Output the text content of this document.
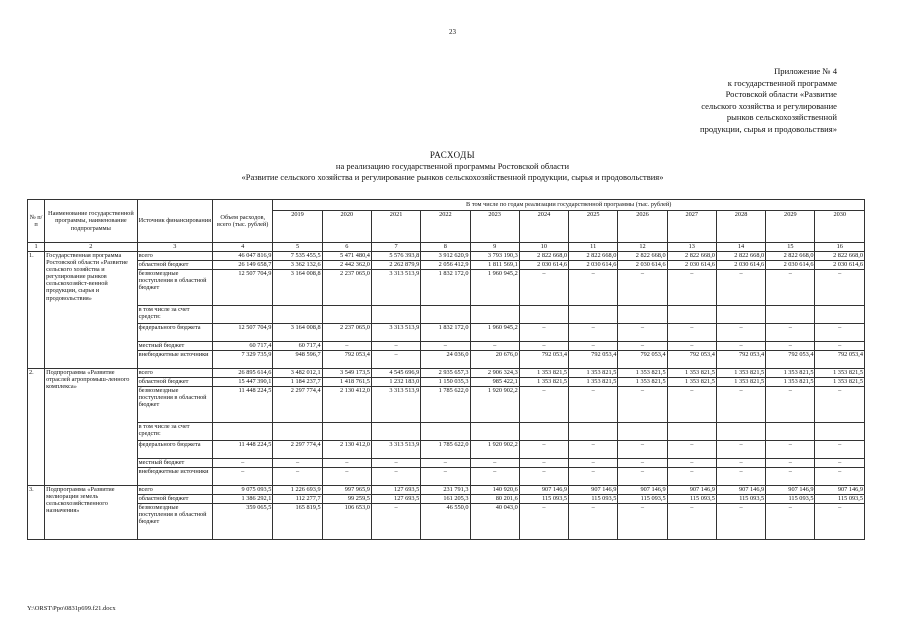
23
Приложение № 4
к государственной программе
Ростовской области «Развитие
сельского хозяйства и регулирование
рынков сельскохозяйственной
продукции, сырья и продовольствия»
РАСХОДЫ
на реализацию государственной программы Ростовской области
«Развитие сельского хозяйства и регулирование рынков сельскохозяйственной продукции, сырья и продовольствия»
№ п/п	Наименование государственной программы, наименование подпрограммы	Источник финансирования	Объем расходов, всего (тыс. рублей)	В том числе по годам реализации государственной программы (тыс. рублей)											
				2019	2020	2021	2022	2023	2024	2025	2026	2027	2028	2029	2030
1	2	3	4	5	6	7	8	9	10	11	12	13	14	15	16
1.	Государственная программа Ростовской области «Развитие сельского хозяйства и регулирование рынков сельскохозяйст-венной продукции, сырья и продовольствия»	всего	46 047 816,9	7 535 455,5	5 471 480,4	5 576 393,8	3 912 620,9	3 793 190,3	2 822 668,0	2 822 668,0	2 822 668,0	2 822 668,0	2 822 668,0	2 822 668,0	2 822 668,0
		областной бюджет	26 149 658,7	3 362 132,6	2 442 362,0	2 262 879,9	2 056 412,9	1 811 569,1	2 030 614,6	2 030 614,6	2 030 614,6	2 030 614,6	2 030 614,6	2 030 614,6	2 030 614,6
		безвозмездные поступления в областной бюджет	12 507 704,9	3 164 008,8	2 237 065,0	3 313 513,9	1 832 172,0	1 960 945,2	–	–	–	–	–	–	–
		в том числе за счет средств:													
		федерального бюджета	12 507 704,9	3 164 008,8	2 237 065,0	3 313 513,9	1 832 172,0	1 960 945,2	–	–	–	–	–	–	–
		местный бюджет	60 717,4	60 717,4	–	–	–	–	–	–	–	–	–	–	–
		внебюджетные источники	7 329 735,9	948 596,7	792 053,4	–	24 036,0	20 676,0	792 053,4	792 053,4	792 053,4	792 053,4	792 053,4	792 053,4	792 053,4
2.	Подпрограмма «Развитие отраслей агропромыш-ленного комплекса»	всего	26 895 614,6	3 482 012,1	3 549 173,5	4 545 696,9	2 935 657,3	2 906 324,3	1 353 821,5	1 353 821,5	1 353 821,5	1 353 821,5	1 353 821,5	1 353 821,5	1 353 821,5
		областной бюджет	15 447 390,1	1 184 237,7	1 418 761,5	1 232 183,0	1 150 035,3	985 422,1	1 353 821,5	1 353 821,5	1 353 821,5	1 353 821,5	1 353 821,5	1 353 821,5	1 353 821,5
		безвозмездные поступления в областной бюджет	11 448 224,5	2 297 774,4	2 130 412,0	3 313 513,9	1 785 622,0	1 920 902,2	–	–	–	–	–	–	–
		в том числе за счет средств:													
		федерального бюджета	11 448 224,5	2 297 774,4	2 130 412,0	3 313 513,9	1 785 622,0	1 920 902,2	–	–	–	–	–	–	–
		местный бюджет	–	–	–	–	–	–	–	–	–	–	–	–	–
		внебюджетные источники	–	–	–	–	–	–	–	–	–	–	–	–	–
3.	Подпрограмма «Развитие мелиорации земель сельскохозяйственного назначения»	всего	9 075 093,5	1 226 693,9	997 965,9	127 693,5	231 791,3	140 920,6	907 146,9	907 146,9	907 146,9	907 146,9	907 146,9	907 146,9	907 146,9
		областной бюджет	1 386 292,1	112 277,7	99 259,5	127 693,5	161 205,3	80 201,6	115 093,5	115 093,5	115 093,5	115 093,5	115 093,5	115 093,5	115 093,5
		безвозмездные поступления в областной бюджет	359 065,5	165 819,5	106 653,0	–	46 550,0	40 043,0	–	–	–	–	–	–	–
Y:\ORST\Ppo\0831p699.f21.docx
